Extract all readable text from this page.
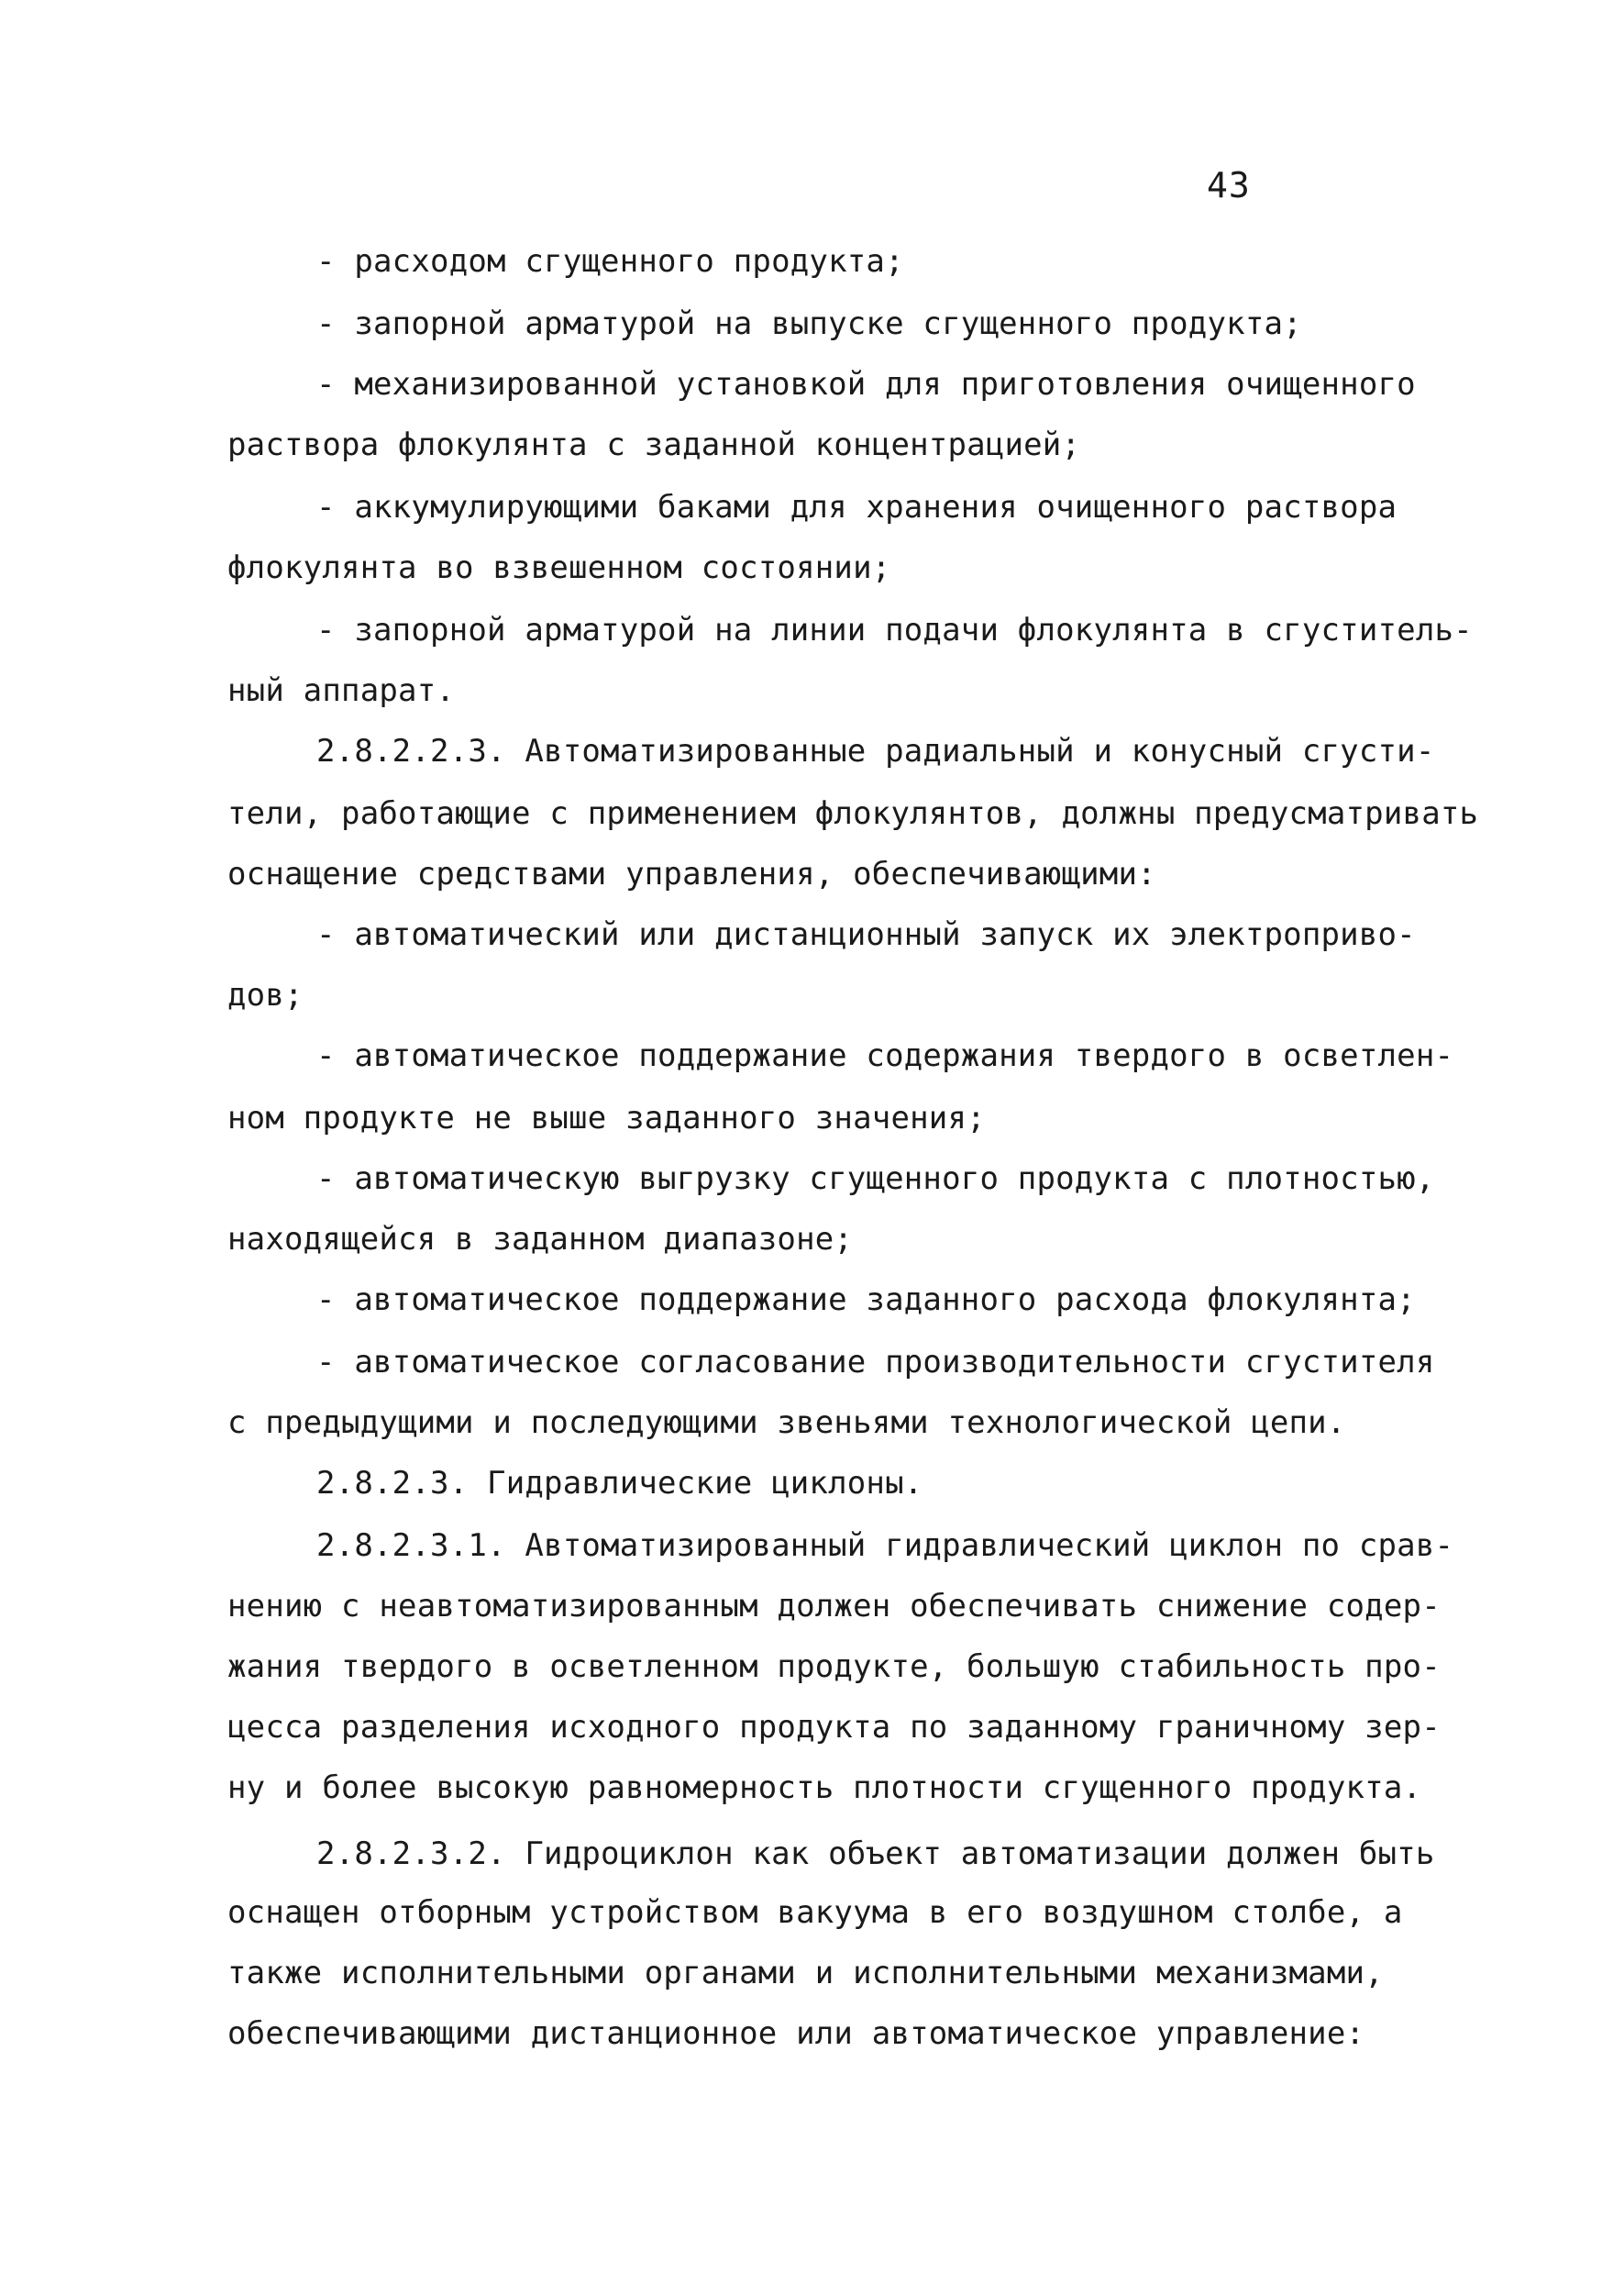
43
- расходом сгущенного продукта;
- запорной арматурой на выпуске сгущенного продукта;
- механизированной установкой для приготовления очищенного
раствора флокулянта с заданной концентрацией;
- аккумулирующими баками для хранения очищенного раствора
флокулянта во взвешенном состоянии;
- запорной арматурой на линии подачи флокулянта в сгуститель-
ный аппарат.
2.8.2.2.3. Автоматизированные радиальный и конусный сгусти-
тели, работающие с применением флокулянтов, должны предусматривать
оснащение средствами управления, обеспечивающими:
- автоматический или дистанционный запуск их электроприво-
дов;
- автоматическое поддержание содержания твердого в осветлен-
ном продукте не выше заданного значения;
- автоматическую выгрузку сгущенного продукта с плотностью,
находящейся в заданном диапазоне;
- автоматическое поддержание заданного расхода флокулянта;
- автоматическое согласование производительности сгустителя
с предыдущими и последующими звеньями технологической цепи.
2.8.2.3. Гидравлические циклоны.
2.8.2.3.1. Автоматизированный гидравлический циклон по срав-
нению с неавтоматизированным должен обеспечивать снижение содер-
жания твердого в осветленном продукте, большую стабильность про-
цесса разделения исходного продукта по заданному граничному зер-
ну и более высокую равномерность плотности сгущенного продукта.
2.8.2.3.2. Гидроциклон как объект автоматизации должен быть
оснащен отборным устройством вакуума в его воздушном столбе, а
также исполнительными органами и исполнительными механизмами,
обеспечивающими дистанционное или автоматическое управление:
